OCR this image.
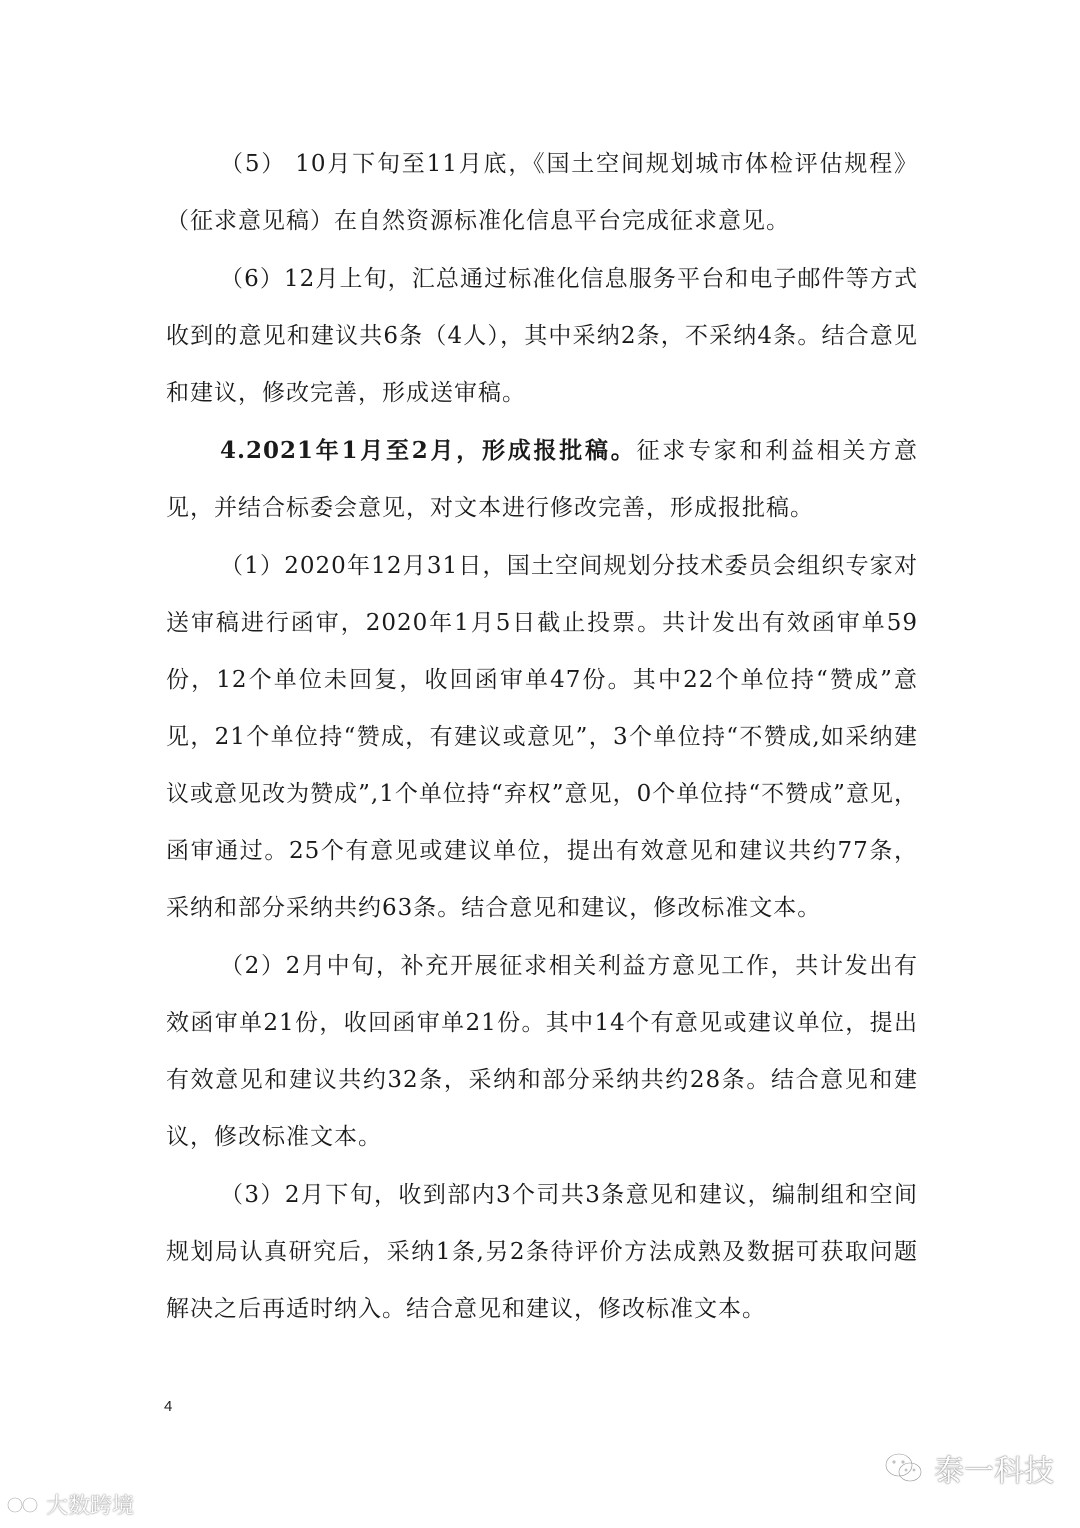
（5） 10月下旬至11月底，《国土空间规划城市体检评估规程》（征求意见稿）在自然资源标准化信息平台完成征求意见。

（6）12月上旬，汇总通过标准化信息服务平台和电子邮件等方式收到的意见和建议共6条（4人），其中采纳2条，不采纳4条。结合意见和建议，修改完善，形成送审稿。

4.2021年1月至2月，形成报批稿。征求专家和利益相关方意见，并结合标委会意见，对文本进行修改完善，形成报批稿。

（1）2020年12月31日，国土空间规划分技术委员会组织专家对送审稿进行函审，2020年1月5日截止投票。共计发出有效函审单59份，12个单位未回复，收回函审单47份。其中22个单位持“赞成”意见，21个单位持“赞成，有建议或意见”，3个单位持“不赞成,如采纳建议或意见改为赞成”,1个单位持“弃权”意见，0个单位持“不赞成”意见，函审通过。25个有意见或建议单位，提出有效意见和建议共约77条，采纳和部分采纳共约63条。结合意见和建议，修改标准文本。

（2）2月中旬，补充开展征求相关利益方意见工作，共计发出有效函审单21份，收回函审单21份。其中14个有意见或建议单位，提出有效意见和建议共约32条，采纳和部分采纳共约28条。结合意见和建议，修改标准文本。

（3）2月下旬，收到部内3个司共3条意见和建议，编制组和空间规划局认真研究后，采纳1条,另2条待评价方法成熟及数据可获取问题解决之后再适时纳入。结合意见和建议，修改标准文本。

4
大数跨境
泰一科技
